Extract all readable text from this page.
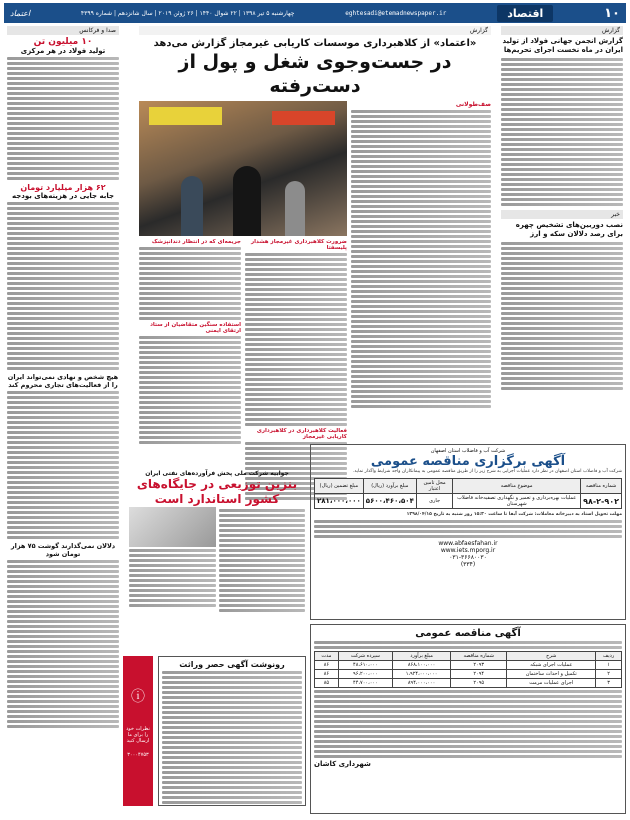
۱۰
اقتصاد
eghtesadi@etemadnewspaper.ir
چهارشنبه ۵ تیر ۱۳۹۸ | ۲۲ شوال ۱۴۴۰ | ۲۶ ژوئن ۲۰۱۹ | سال شانزدهم | شماره ۴۳۹۹
اعتماد
گزارش
گزارش انجمن جهانی فولاد از تولید ایران در ماه نخست اجرای تحریم‌ها
خبر
نصب دوربین‌های تشخیص چهره برای رصد دلالان سکه و ارز
گزارش
«اعتماد» از کلاهبرداری موسسات کاریابی غیرمجاز گزارش می‌دهد
در جست‌وجوی شغل و پول از دست‌رفته
صف‌طولانی
ضرورت کلاهبرداری غیرمجاز هشدار پلیسفتا
فعالیت کلاهبرداری در کلاهبرداری کاریابی غیرمجاز
جریمه‌ای که در انتظار دندانپزشک
استفاده سنگین متقاضیان از ستاد ارتقای ایمنی
صدا و فرکانس
۱۰ میلیون تن
تولید فولاد در هر مرکزی
۶۲ هزار میلیارد تومان
جابه جایی در هزینه‌های بودجه
هیچ شخص و نهادی نمی‌تواند ایران
را از فعالیت‌های تجاری محروم کند
دلالان نمی‌گذارند گوشت ۷۵ هزار تومان شود
جوابیه شرکت ملی پخش فرآورده‌های نفتی ایران
بنزین توزیعی در جایگاه‌های کشور استاندارد است
شرکت آب و فاضلاب استان اصفهان
آگهی برگزاری مناقصه عمومی
شرکت آب و فاضلاب استان اصفهان در نظر دارد عملیات اجرایی به شرح زیر را از طریق مناقصه عمومی به پیمانکاران واجد شرایط واگذار نماید.
شماره مناقصه	موضوع مناقصه	محل تامین اعتبار	مبلغ برآورد (ریال)	مبلغ تضمین (ریال)
۹۸-۲-۹۰۲	عملیات بهره‌برداری و تعمیر و نگهداری تصفیه‌خانه فاضلاب شهرستان	جاری	۵۶۰۰،۴۶۰،۵۰۴	۲۸۱،۰۰۰،۰۰۰
مهلت تحویل اسناد به دبیرخانه معاملات: شرکت آبفا تا ساعت ۱۵:۳۰ روز شنبه به تاریخ ۱۳۹۸/۰۴/۱۵
www.abfaesfahan.ir
www.iets.mporg.ir
۰۳۱-۳۶۶۸۰۰۳۰
(۳۳۴)
آگهی مناقصه عمومی
ردیف	شرح	شماره مناقصه	مبلغ برآورد	سپرده شرکت	مدت
۱	عملیات اجرای شبکه	۲۰۹۳	۸۶۸،۱۰۰،۰۰۰	۴۸،۶۱۰،۰۰۰	۸۶
۲	تکمیل و احداث ساختمان	۲۰۹۴	۱،۹۲۴،۰۰۰،۰۰۰	۹۶،۲۰۰،۰۰۰	۸۶
۳	اجرای عملیات مرمت	۲۰۹۵	۸۹۴،۰۰۰،۰۰۰	۴۴،۷۰۰،۰۰۰	۸۵
شهرداری کاشان
رونوشت آگهی حصر وراثت
ⓘ
نظرات خود را برای ما ارسال کنید
۳۰۰۰۴۷۵۳
